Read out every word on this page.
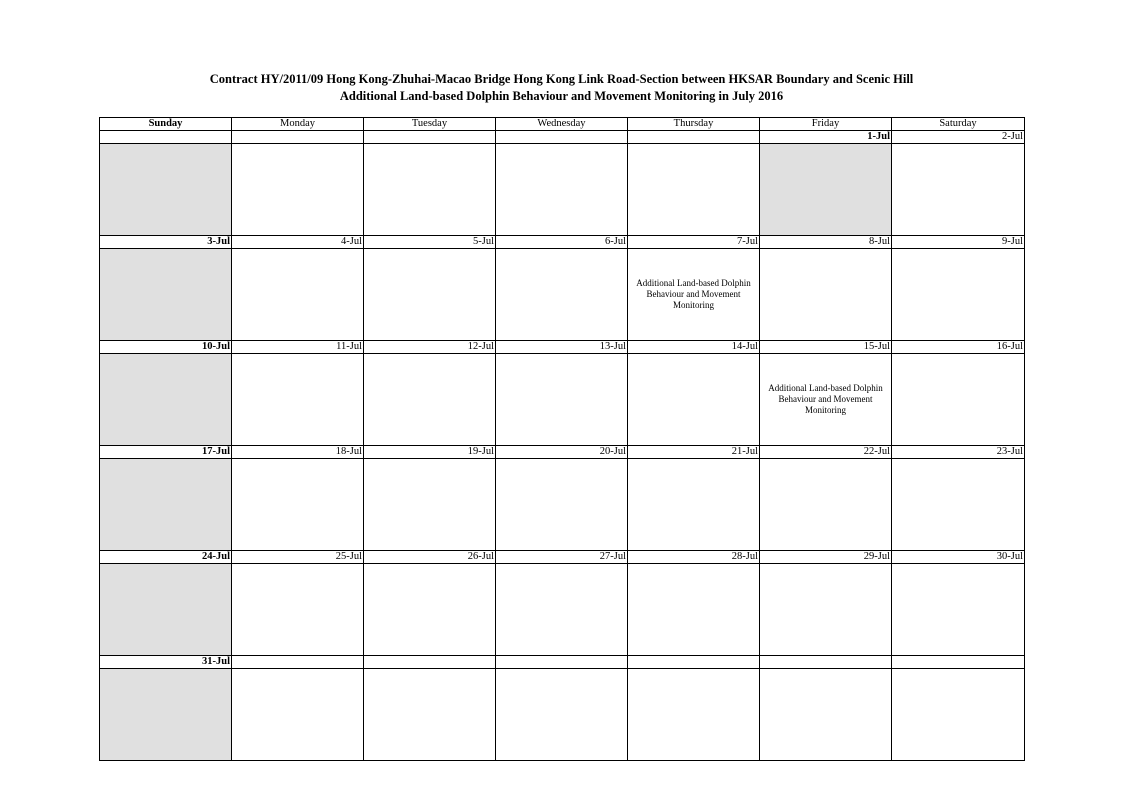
Contract HY/2011/09 Hong Kong-Zhuhai-Macao Bridge Hong Kong Link Road-Section between HKSAR Boundary and Scenic Hill
Additional Land-based Dolphin Behaviour and Movement Monitoring in July 2016
Sunday	Monday	Tuesday	Wednesday	Thursday	Friday	Saturday
					1-Jul	2-Jul

3-Jul	4-Jul	5-Jul	6-Jul	7-Jul	8-Jul	9-Jul

				Additional Land-based Dolphin Behaviour and Movement Monitoring		

10-Jul	11-Jul	12-Jul	13-Jul	14-Jul	15-Jul	16-Jul

					Additional Land-based Dolphin Behaviour and Movement Monitoring	

17-Jul	18-Jul	19-Jul	20-Jul	21-Jul	22-Jul	23-Jul

24-Jul	25-Jul	26-Jul	27-Jul	28-Jul	29-Jul	30-Jul

31-Jul						
